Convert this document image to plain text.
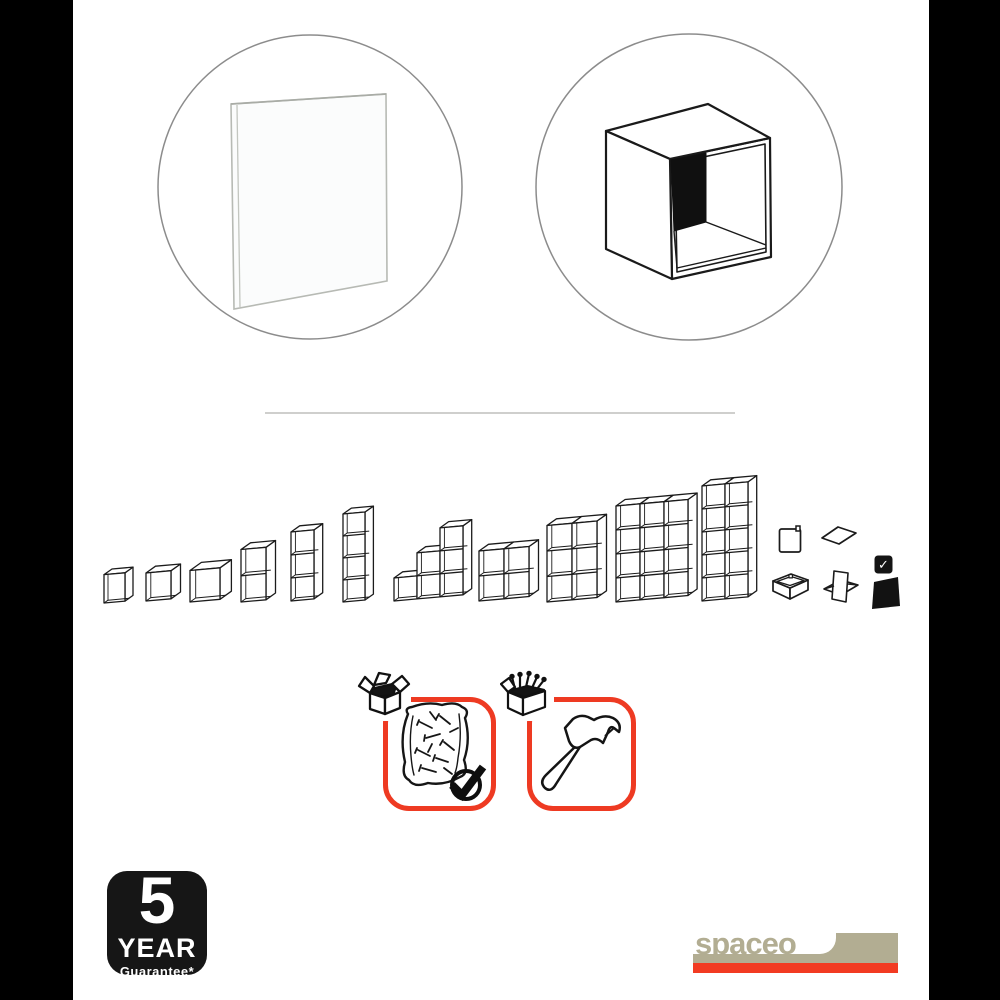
✓
5
YEAR
Guarantee*
spaceo
